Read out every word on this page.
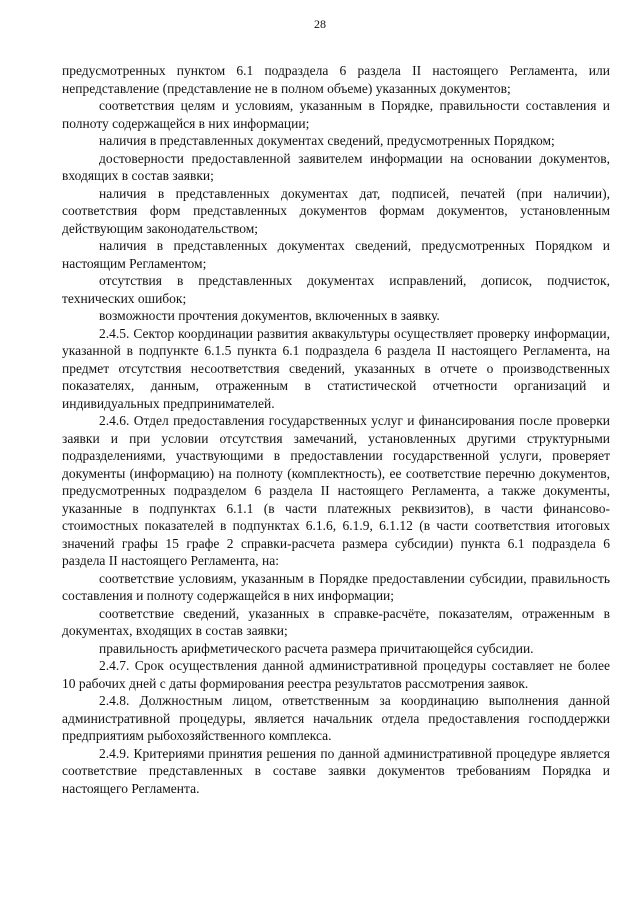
28

предусмотренных пунктом 6.1 подраздела 6 раздела II настоящего Регламента, или непредставление (представление не в полном объеме) указанных документов;

соответствия целям и условиям, указанным в Порядке, правильности составления и полноту содержащейся в них информации;

наличия в представленных документах сведений, предусмотренных Порядком;

достоверности предоставленной заявителем информации на основании документов, входящих в состав заявки;

наличия в представленных документах дат, подписей, печатей (при наличии), соответствия форм представленных документов формам документов, установленным действующим законодательством;

наличия в представленных документах сведений, предусмотренных Порядком и настоящим Регламентом;

отсутствия в представленных документах исправлений, дописок, подчисток, технических ошибок;

возможности прочтения документов, включенных в заявку.

2.4.5. Сектор координации развития аквакультуры осуществляет проверку информации, указанной в подпункте 6.1.5 пункта 6.1 подраздела 6 раздела II настоящего Регламента, на предмет отсутствия несоответствия сведений, указанных в отчете о производственных показателях, данным, отраженным в статистической отчетности организаций и индивидуальных предпринимателей.

2.4.6. Отдел предоставления государственных услуг и финансирования после проверки заявки и при условии отсутствия замечаний, установленных другими структурными подразделениями, участвующими в предоставлении государственной услуги, проверяет документы (информацию) на полноту (комплектность), ее соответствие перечню документов, предусмотренных подразделом 6 раздела II настоящего Регламента, а также документы, указанные в подпунктах 6.1.1 (в части платежных реквизитов), в части финансово-стоимостных показателей в подпунктах 6.1.6, 6.1.9, 6.1.12 (в части соответствия итоговых значений графы 15 графе 2 справки-расчета размера субсидии) пункта 6.1 подраздела 6 раздела II настоящего Регламента, на:

соответствие условиям, указанным в Порядке предоставлении субсидии, правильность составления и полноту содержащейся в них информации;

соответствие сведений, указанных в справке-расчёте, показателям, отраженным в документах, входящих в состав заявки;

правильность арифметического расчета размера причитающейся субсидии.

2.4.7. Срок осуществления данной административной процедуры составляет не более 10 рабочих дней с даты формирования реестра результатов рассмотрения заявок.

2.4.8. Должностным лицом, ответственным за координацию выполнения данной административной процедуры, является начальник отдела предоставления господдержки предприятиям рыбохозяйственного комплекса.

2.4.9. Критериями принятия решения по данной административной процедуре является соответствие представленных в составе заявки документов требованиям Порядка и настоящего Регламента.
